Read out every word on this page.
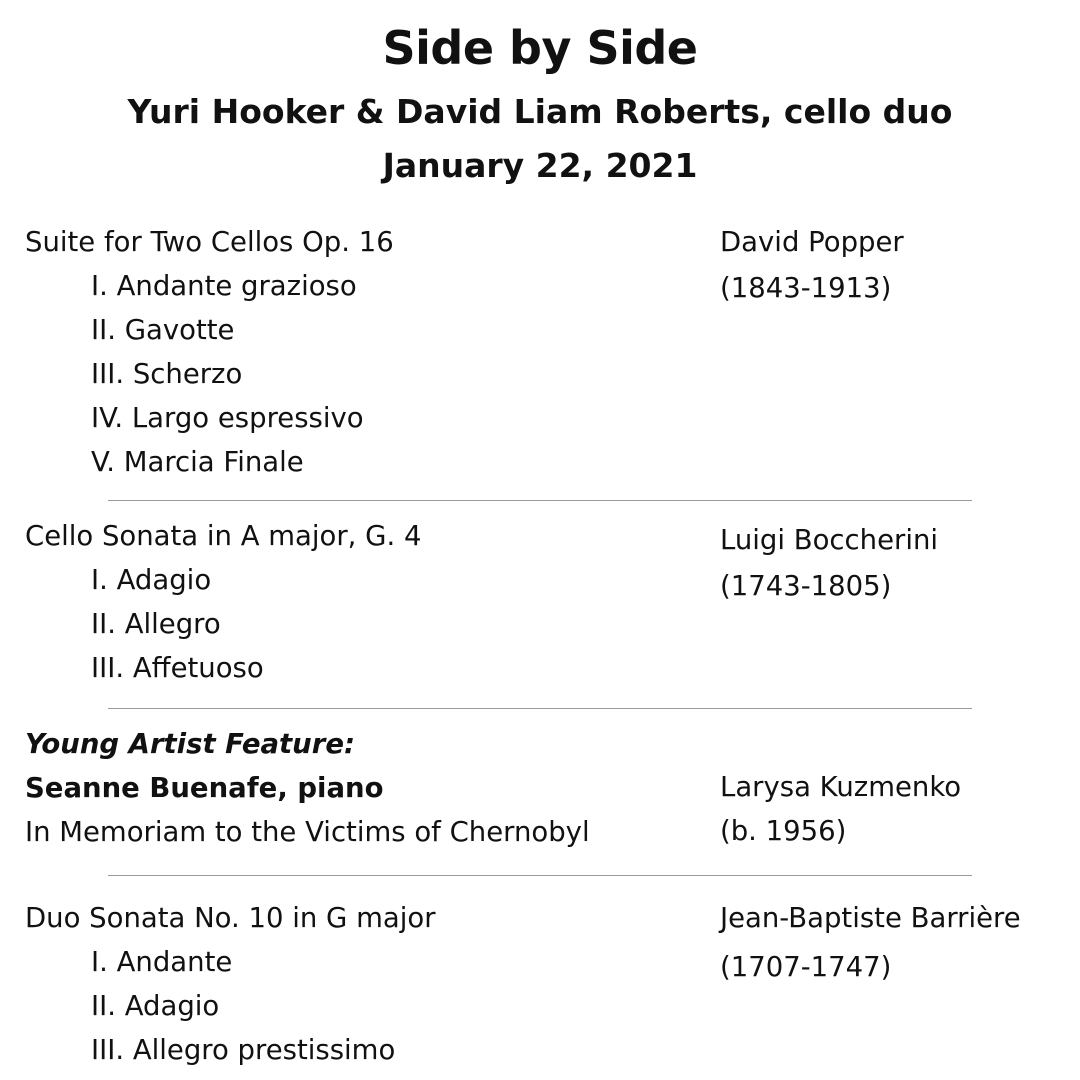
Side by Side
Yuri Hooker & David Liam Roberts, cello duo
January 22, 2021
Suite for Two Cellos Op. 16
I. Andante grazioso
II. Gavotte
III. Scherzo
IV. Largo espressivo
V. Marcia Finale
David Popper
(1843-1913)
Cello Sonata in A major, G. 4
I. Adagio
II. Allegro
III. Affetuoso
Luigi Boccherini
(1743-1805)
Young Artist Feature:
Seanne Buenafe, piano
In Memoriam to the Victims of Chernobyl
Larysa Kuzmenko
(b. 1956)
Duo Sonata No. 10 in G major
I. Andante
II. Adagio
III. Allegro prestissimo
Jean-Baptiste Barrière
(1707-1747)
